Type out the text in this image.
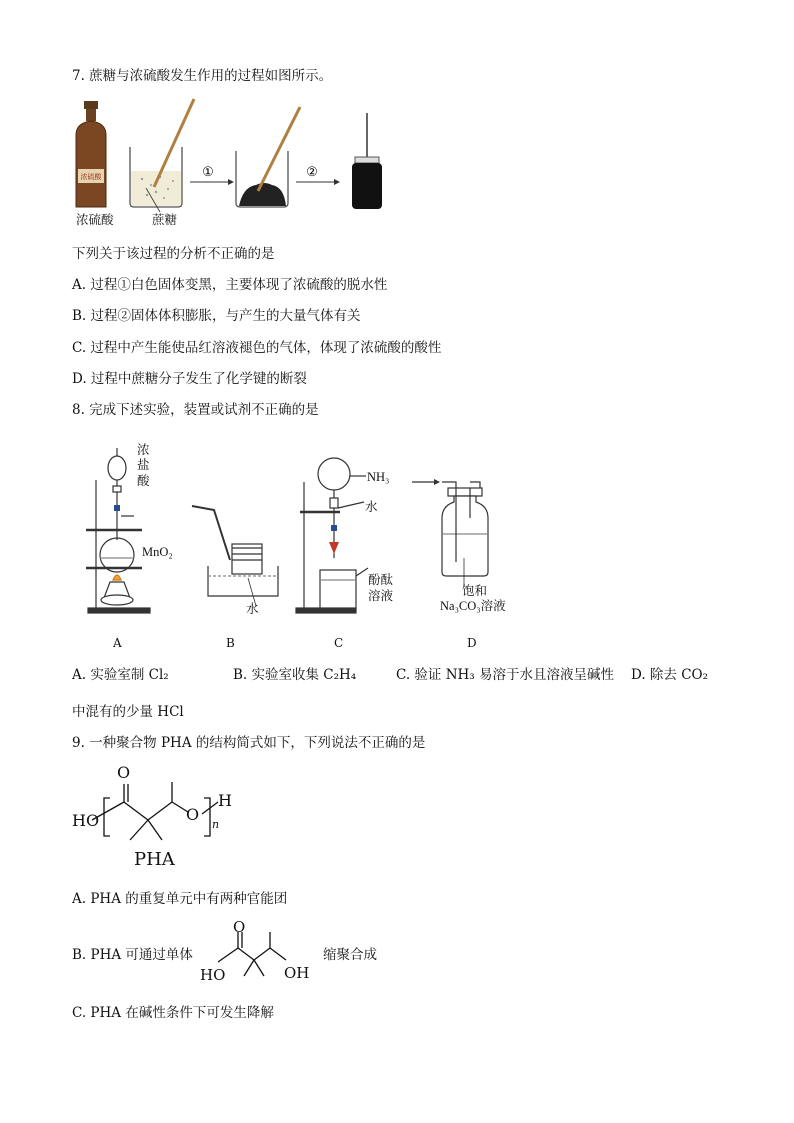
7. 蔗糖与浓硫酸发生作用的过程如图所示。
浓硫酸	①	②
浓硫酸	蔗糖
下列关于该过程的分析不正确的是
A. 过程①白色固体变黑，主要体现了浓硫酸的脱水性
B. 过程②固体体积膨胀，与产生的大量气体有关
C. 过程中产生能使品红溶液褪色的气体，体现了浓硫酸的酸性
D. 过程中蔗糖分子发生了化学键的断裂
8. 完成下述实验，装置或试剂不正确的是
浓
盐
酸
MnO₂
水
NH₃
水
酚酞
溶液	饱和
Na₃CO₃溶液
A	B	C	D
A. 实验室制 Cl₂	B. 实验室收集 C₂H₄	C. 验证 NH₃ 易溶于水且溶液呈碱性 D. 除去 CO₂
中混有的少量 HCl
9. 一种聚合物 PHA 的结构简式如下，下列说法不正确的是
O
HO	O
H
n
PHA
A. PHA 的重复单元中有两种官能团
B. PHA 可通过单体
O
HO	OH
缩聚合成
C. PHA 在碱性条件下可发生降解
